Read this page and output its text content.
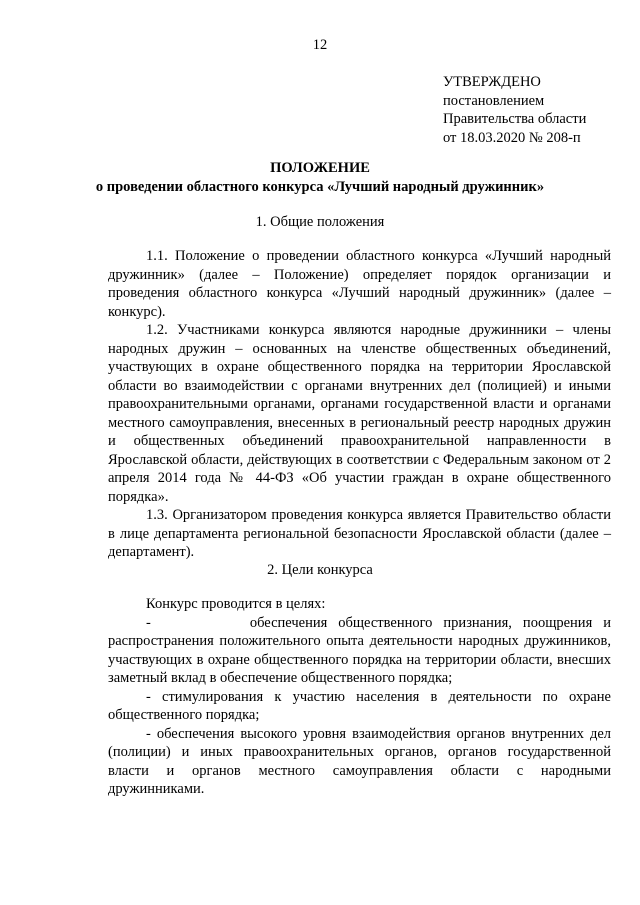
12
УТВЕРЖДЕНО
постановлением
Правительства области
от 18.03.2020 № 208-п
ПОЛОЖЕНИЕ
о проведении областного конкурса «Лучший народный дружинник»
1. Общие положения

1.1. Положение о проведении областного конкурса «Лучший народный дружинник» (далее – Положение) определяет порядок организации и проведения областного конкурса «Лучший народный дружинник» (далее – конкурс).

1.2. Участниками конкурса являются народные дружинники – члены народных дружин – основанных на членстве общественных объединений, участвующих в охране общественного порядка на территории Ярославской области во взаимодействии с органами внутренних дел (полицией) и иными правоохранительными органами, органами государственной власти и органами местного самоуправления, внесенных в региональный реестр народных дружин и общественных объединений правоохранительной направленности в Ярославской области, действующих в соответствии с Федеральным законом от 2 апреля 2014 года № 44-ФЗ «Об участии граждан в охране общественного порядка».

1.3. Организатором проведения конкурса является Правительство области в лице департамента региональной безопасности Ярославской области (далее – департамент).

2. Цели конкурса

Конкурс проводится в целях:

-         обеспечения общественного признания, поощрения и распространения положительного опыта деятельности народных дружинников, участвующих в охране общественного порядка на территории области, внесших заметный вклад в обеспечение общественного порядка;

- стимулирования к участию населения в деятельности по охране общественного порядка;

- обеспечения высокого уровня взаимодействия органов внутренних дел (полиции) и иных правоохранительных органов, органов государственной власти и органов местного самоуправления области с народными дружинниками.
